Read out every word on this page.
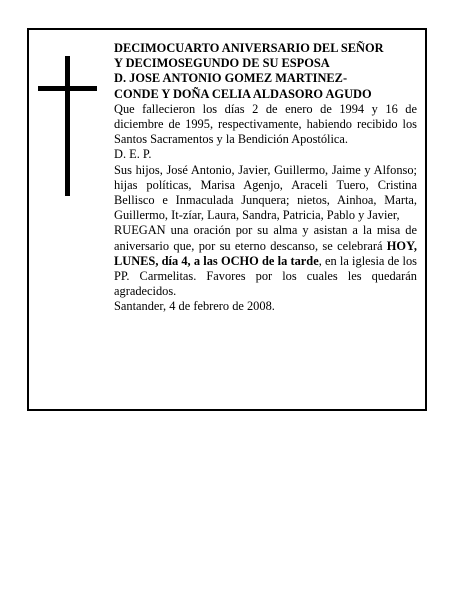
DECIMOCUARTO ANIVERSARIO DEL SEÑOR

Y DECIMOSEGUNDO DE SU ESPOSA

D. JOSE ANTONIO GOMEZ MARTINEZ-

CONDE Y DOÑA CELIA ALDASORO AGUDO

Que fallecieron los días 2 de enero de 1994 y 16 de diciembre de 1995, respectivamente, habiendo recibido los Santos Sacramentos y la Bendición Apostólica.

D. E. P.

Sus hijos, José Antonio, Javier, Guillermo, Jaime y Alfonso; hijas políticas, Marisa Agenjo, Araceli Tuero, Cristina Bellisco e Inmaculada Junquera; nietos, Ainhoa, Marta, Guillermo, It-zíar, Laura, Sandra, Patricia, Pablo y Javier,

RUEGAN una oración por su alma y asistan a la misa de aniversario que, por su eterno descanso, se celebrará HOY, LUNES, día 4, a las OCHO de la tarde, en la iglesia de los PP. Carmelitas. Favores por los cuales les quedarán agradecidos.

Santander, 4 de febrero de 2008.
